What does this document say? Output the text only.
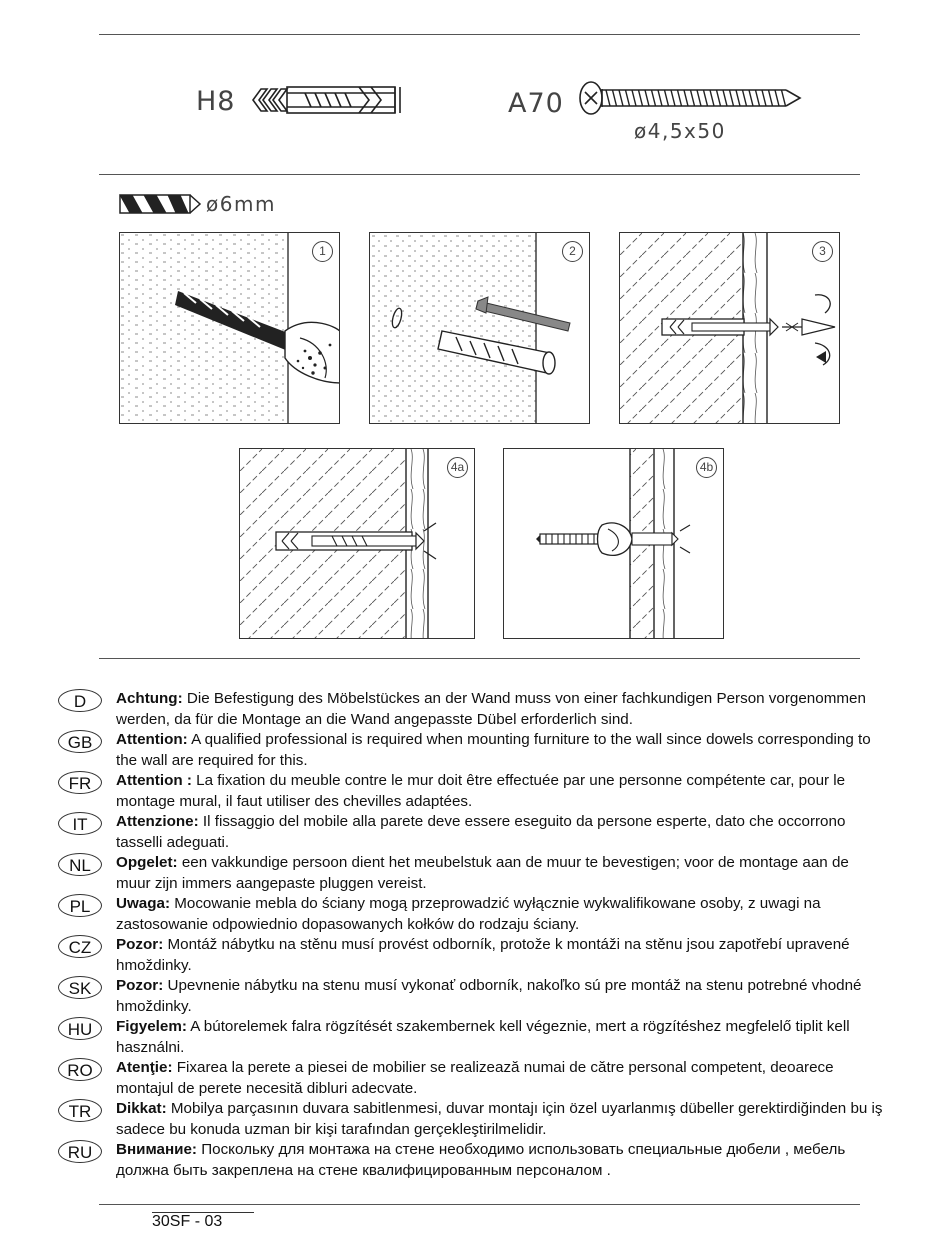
H8	A70
ø4,5x50
ø6mm
1	2	3
4a	4b
D	Achtung: Die Befestigung des Möbelstückes an der Wand muss von einer fachkundigen Person vorgenommen werden, da für die Montage an die Wand angepasste Dübel erforderlich sind.
GB	Attention: A qualified professional is required when mounting furniture to the wall since dowels corresponding to the wall are required for this.
FR	Attention : La fixation du meuble contre le mur doit être effectuée par une personne compétente car, pour le montage mural, il faut utiliser des chevilles adaptées.
IT	Attenzione: Il fissaggio del mobile alla parete deve essere eseguito da persone esperte, dato che occorrono tasselli adeguati.
NL	Opgelet: een vakkundige persoon dient het meubelstuk aan de muur te bevestigen; voor de montage aan de muur zijn immers aangepaste pluggen vereist.
PL	Uwaga: Mocowanie mebla do ściany mogą przeprowadzić wyłącznie wykwalifikowane osoby, z uwagi na zastosowanie odpowiednio dopasowanych kołków do rodzaju ściany.
CZ	Pozor: Montáž nábytku na stěnu musí provést odborník, protože k montáži na stěnu jsou zapotřebí upravené hmoždinky.
SK	Pozor: Upevnenie nábytku na stenu musí vykonať odborník, nakoľko sú pre montáž na stenu potrebné vhodné hmoždinky.
HU	Figyelem: A bútorelemek falra rögzítését szakembernek kell végeznie, mert a rögzítéshez megfelelő tiplit kell használni.
RO	Atenţie: Fixarea la perete a piesei de mobilier se realizează numai de către personal competent, deoarece montajul de perete necesită dibluri adecvate.
TR	Dikkat: Mobilya parçasının duvara sabitlenmesi, duvar montajı için özel uyarlanmış dübeller gerektirdiğinden bu iş sadece bu konuda uzman bir kişi tarafından gerçekleştirilmelidir.
RU	Внимание: Поскольку для монтажа на стене необходимо использовать специальные дюбели , мебель должна быть закреплена на стене квалифицированным персоналом .
30SF - 03
